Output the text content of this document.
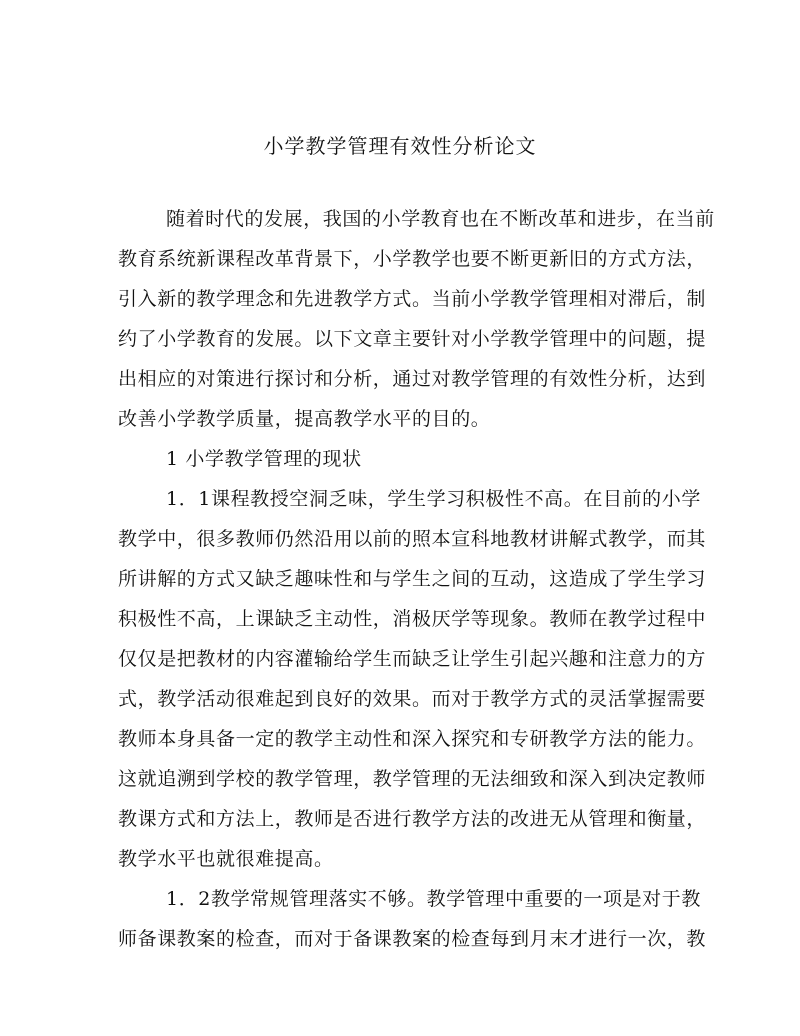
小学教学管理有效性分析论文
随着时代的发展，我国的小学教育也在不断改革和进步，在当前
教育系统新课程改革背景下，小学教学也要不断更新旧的方式方法，
引入新的教学理念和先进教学方式。当前小学教学管理相对滞后，制
约了小学教育的发展。以下文章主要针对小学教学管理中的问题，提
出相应的对策进行探讨和分析，通过对教学管理的有效性分析，达到
改善小学教学质量，提高教学水平的目的。
1 小学教学管理的现状
1．1课程教授空洞乏味，学生学习积极性不高。在目前的小学
教学中，很多教师仍然沿用以前的照本宣科地教材讲解式教学，而其
所讲解的方式又缺乏趣味性和与学生之间的互动，这造成了学生学习
积极性不高，上课缺乏主动性，消极厌学等现象。教师在教学过程中
仅仅是把教材的内容灌输给学生而缺乏让学生引起兴趣和注意力的方
式，教学活动很难起到良好的效果。而对于教学方式的灵活掌握需要
教师本身具备一定的教学主动性和深入探究和专研教学方法的能力。
这就追溯到学校的教学管理，教学管理的无法细致和深入到决定教师
教课方式和方法上，教师是否进行教学方法的改进无从管理和衡量，
教学水平也就很难提高。
1．2教学常规管理落实不够。教学管理中重要的一项是对于教
师备课教案的检查，而对于备课教案的检查每到月末才进行一次，教
